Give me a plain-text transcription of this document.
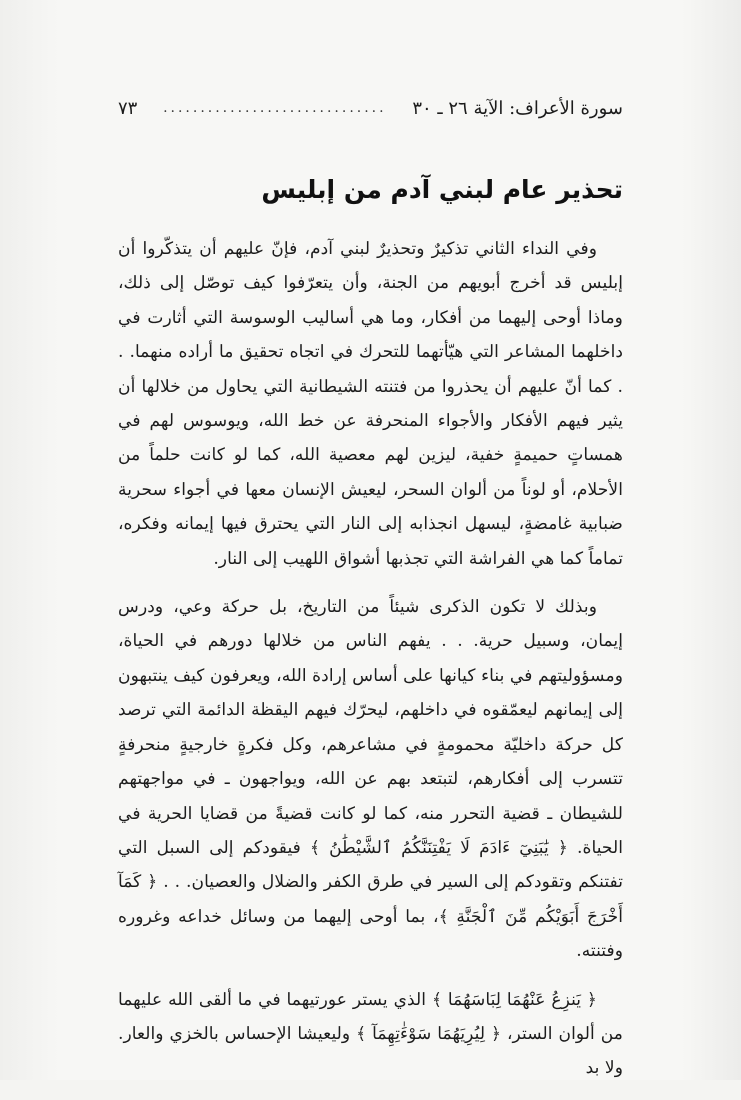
سورة الأعراف: الآية ٢٦ ـ ٣٠
..............................
٧٣
تحذير عام لبني آدم من إبليس

وفي النداء الثاني تذكيرٌ وتحذيرٌ لبني آدم، فإنّ عليهم أن يتذكّروا أن إبليس قد أخرج أبويهم من الجنة، وأن يتعرّفوا كيف توصّل إلى ذلك، وماذا أوحى إليهما من أفكار، وما هي أساليب الوسوسة التي أثارت في داخلهما المشاعر التي هيّأتهما للتحرك في اتجاه تحقيق ما أراده منهما. . . كما أنّ عليهم أن يحذروا من فتنته الشيطانية التي يحاول من خلالها أن يثير فيهم الأفكار والأجواء المنحرفة عن خط الله، ويوسوس لهم في همساتٍ حميمةٍ خفية، ليزين لهم معصية الله، كما لو كانت حلماً من الأحلام، أو لوناً من ألوان السحر، ليعيش الإنسان معها في أجواء سحرية ضبابية غامضةٍ، ليسهل انجذابه إلى النار التي يحترق فيها إيمانه وفكره، تماماً كما هي الفراشة التي تجذبها أشواق اللهيب إلى النار.

وبذلك لا تكون الذكرى شيئاً من التاريخ، بل حركة وعي، ودرس إيمان، وسبيل حرية. . . يفهم الناس من خلالها دورهم في الحياة، ومسؤوليتهم في بناء كيانها على أساس إرادة الله، ويعرفون كيف ينتبهون إلى إيمانهم ليعمّقوه في داخلهم، ليحرّك فيهم اليقظة الدائمة التي ترصد كل حركة داخليّة محمومةٍ في مشاعرهم، وكل فكرةٍ خارجيةٍ منحرفةٍ تتسرب إلى أفكارهم، لتبتعد بهم عن الله، ويواجهون ـ في مواجهتهم للشيطان ـ قضية التحرر منه، كما لو كانت قضيةً من قضايا الحرية في الحياة. ﴿ يَٰبَنِيٓ ءَادَمَ لَا يَفْتِنَنَّكُمُ ٱلشَّيْطَٰنُ ﴾ فيقودكم إلى السبل التي تفتنكم وتقودكم إلى السير في طرق الكفر والضلال والعصيان. . . ﴿ كَمَآ أَخْرَجَ أَبَوَيْكُم مِّنَ ٱلْجَنَّةِ ﴾، بما أوحى إليهما من وسائل خداعه وغروره وفتنته.

﴿ يَنزِعُ عَنْهُمَا لِبَاسَهُمَا ﴾ الذي يستر عورتيهما في ما ألقى الله عليهما من ألوان الستر، ﴿ لِيُرِيَهُمَا سَوْءَٰتِهِمَآ ﴾ وليعيشا الإحساس بالخزي والعار. ولا بد
